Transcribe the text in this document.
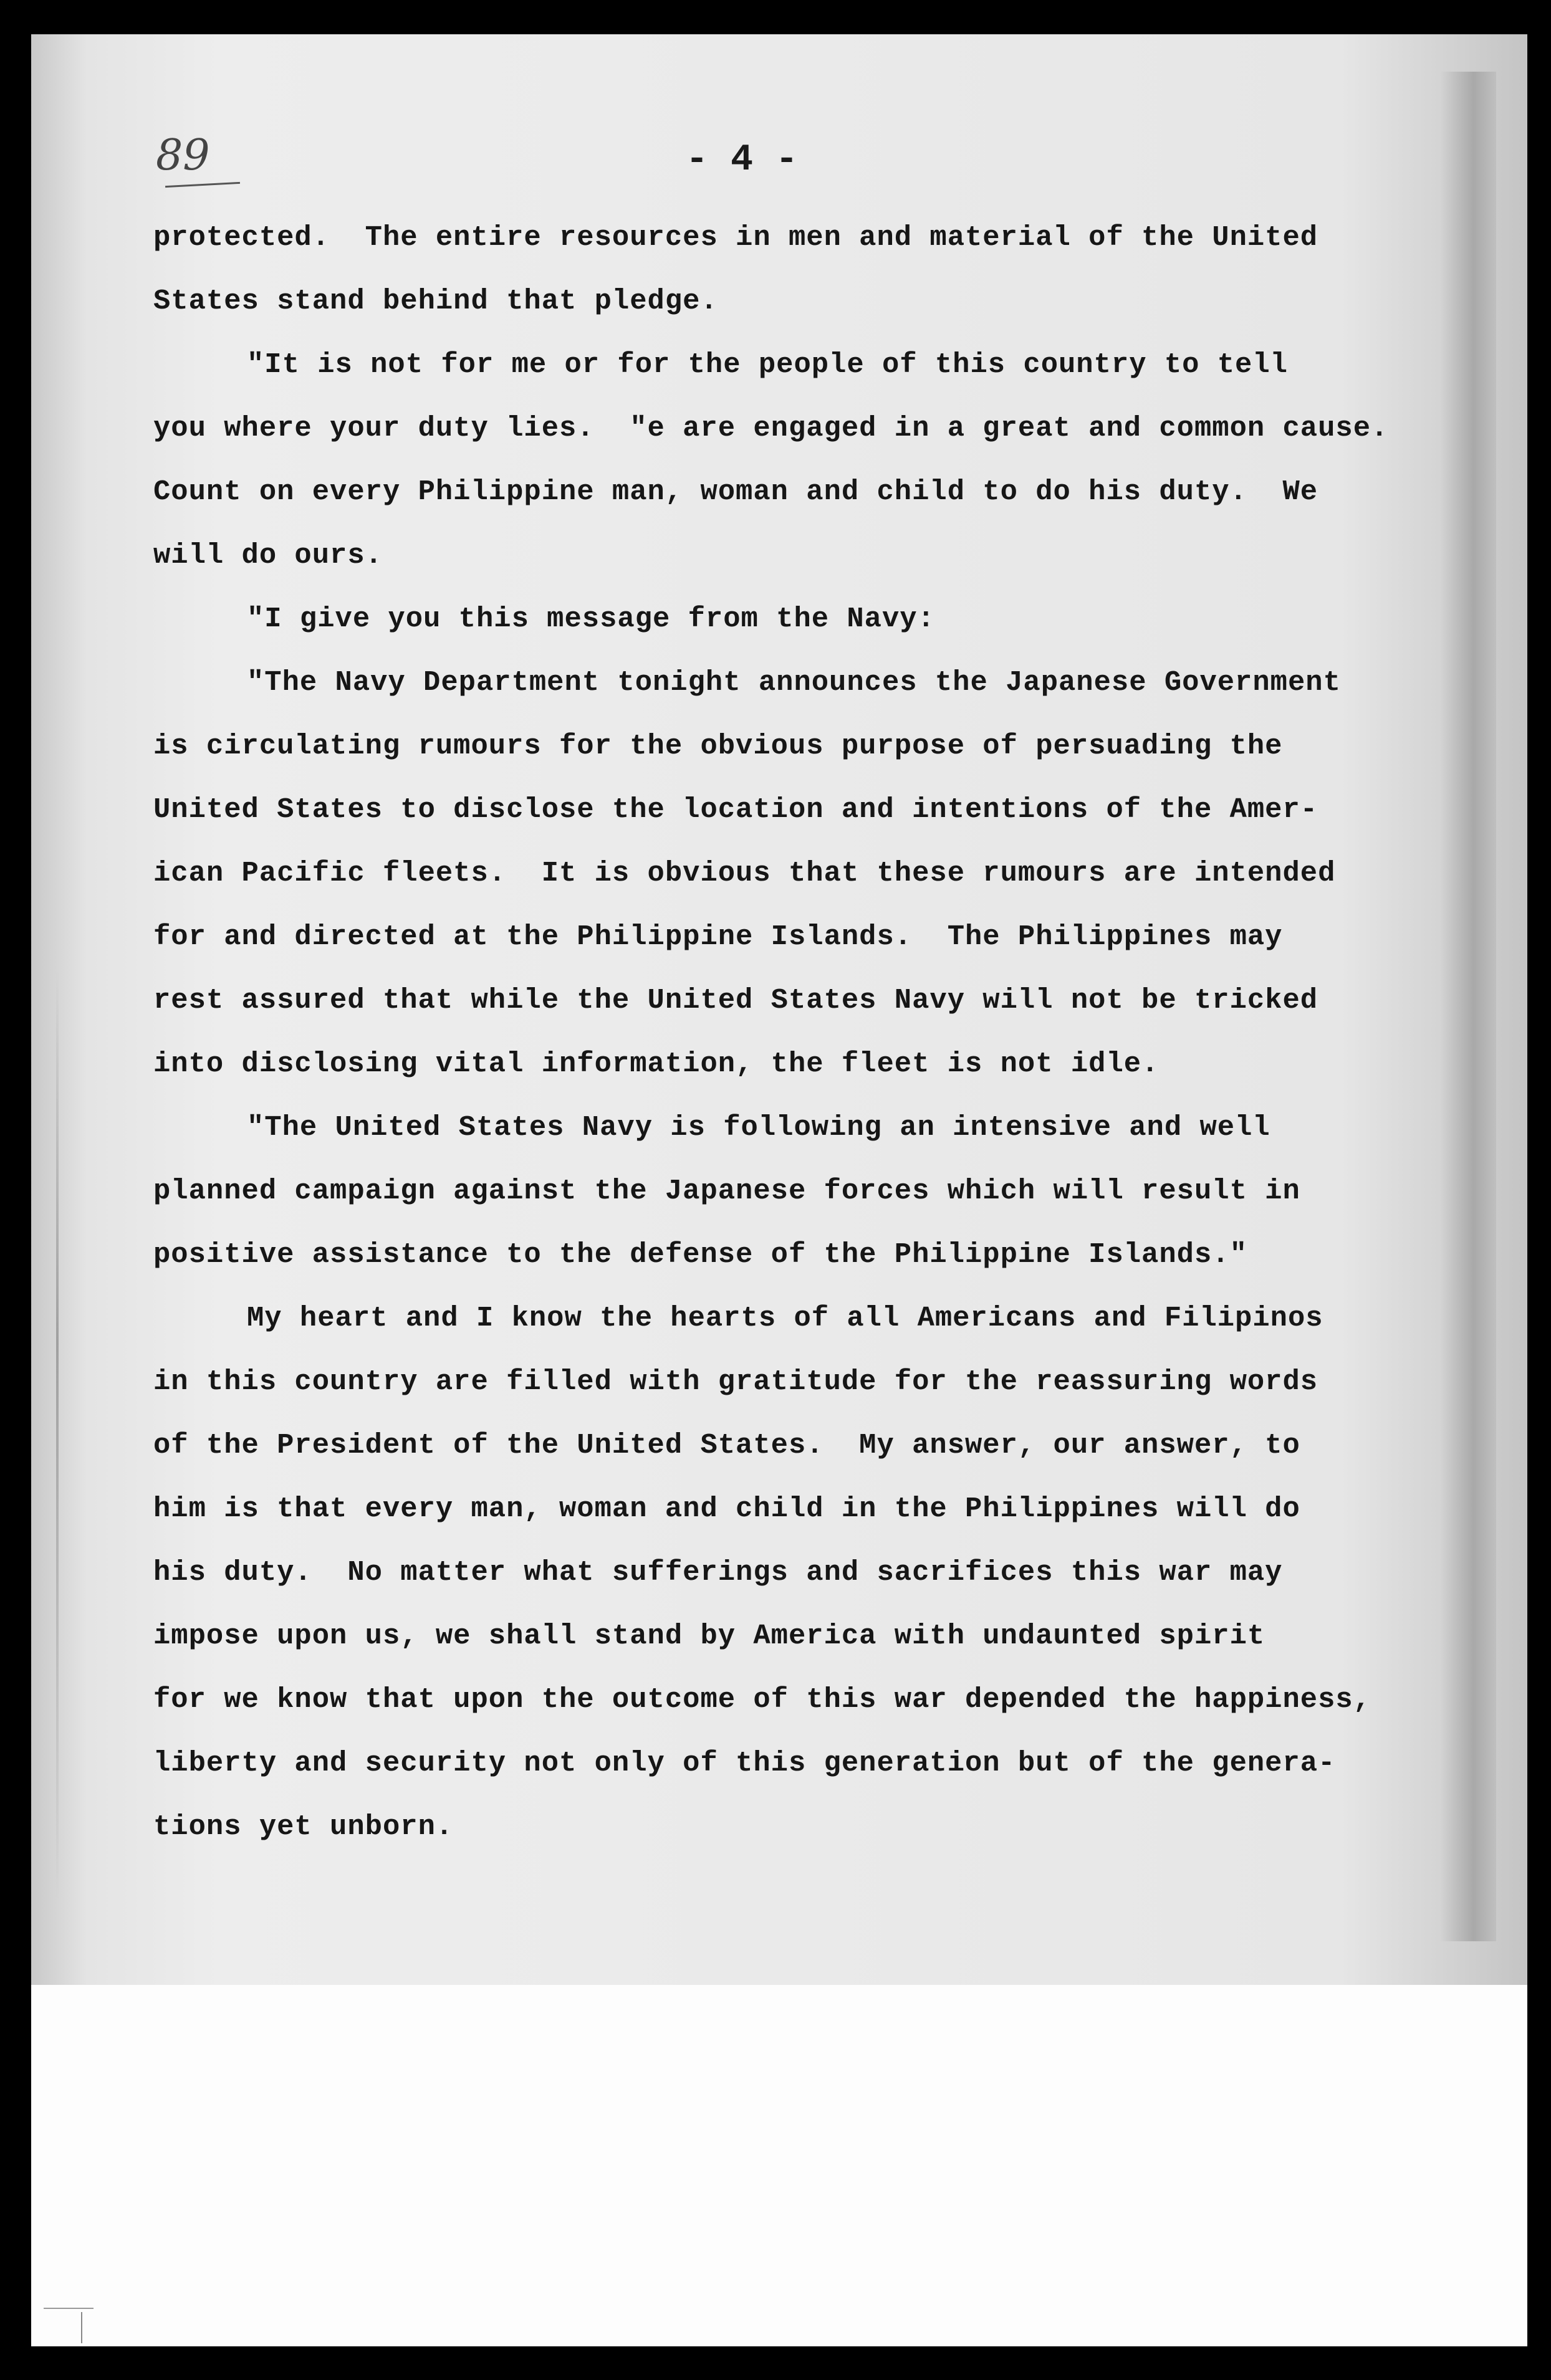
89	- 4 -
protected.  The entire resources in men and material of the United
States stand behind that pledge.
"It is not for me or for the people of this country to tell
you where your duty lies.  "e are engaged in a great and common cause.
Count on every Philippine man, woman and child to do his duty.  We
will do ours.
"I give you this message from the Navy:
"The Navy Department tonight announces the Japanese Government
is circulating rumours for the obvious purpose of persuading the
United States to disclose the location and intentions of the Amer-
ican Pacific fleets.  It is obvious that these rumours are intended
for and directed at the Philippine Islands.  The Philippines may
rest assured that while the United States Navy will not be tricked
into disclosing vital information, the fleet is not idle.
"The United States Navy is following an intensive and well
planned campaign against the Japanese forces which will result in
positive assistance to the defense of the Philippine Islands."
My heart and I know the hearts of all Americans and Filipinos
in this country are filled with gratitude for the reassuring words
of the President of the United States.  My answer, our answer, to
him is that every man, woman and child in the Philippines will do
his duty.  No matter what sufferings and sacrifices this war may
impose upon us, we shall stand by America with undaunted spirit
for we know that upon the outcome of this war depended the happiness,
liberty and security not only of this generation but of the genera-
tions yet unborn.
